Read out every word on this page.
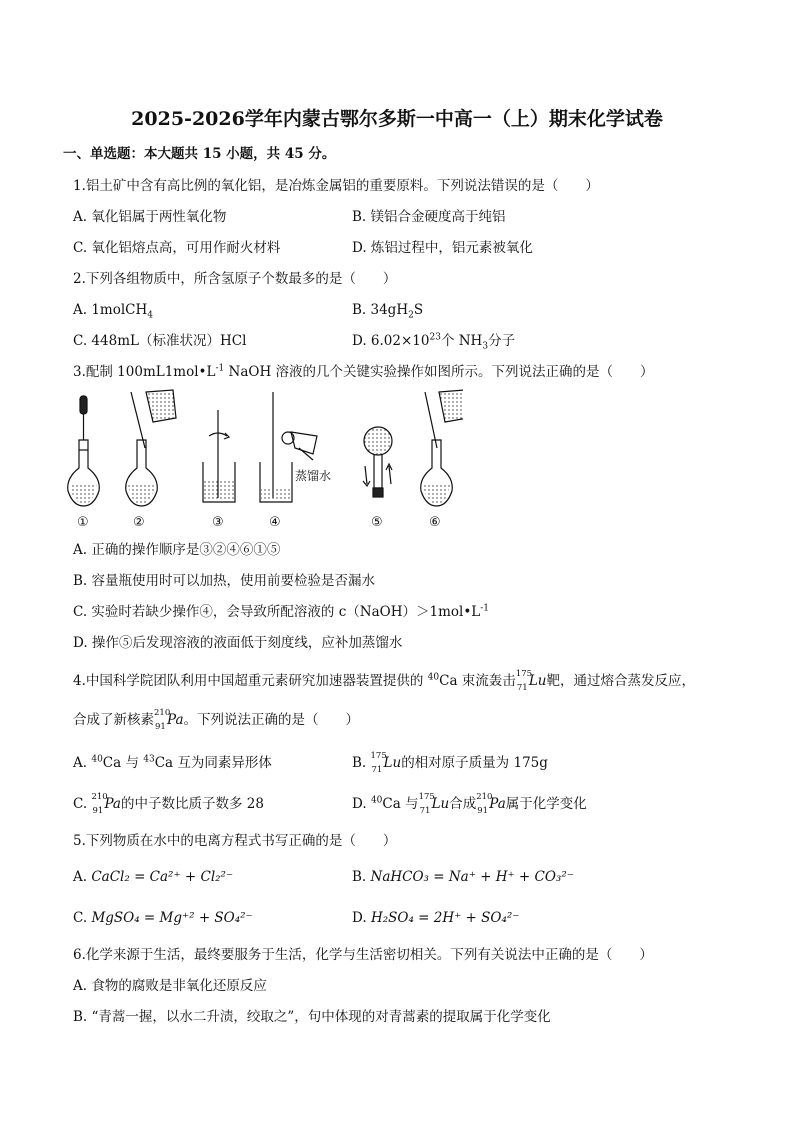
2025-2026学年内蒙古鄂尔多斯一中高一（上）期末化学试卷
一、单选题：本大题共 15 小题，共 45 分。
1.铝土矿中含有高比例的氧化铝，是冶炼金属铝的重要原料。下列说法错误的是（　　）
A. 氧化铝属于两性氧化物	B. 镁铝合金硬度高于纯铝
C. 氧化铝熔点高，可用作耐火材料	D. 炼铝过程中，铝元素被氧化
2.下列各组物质中，所含氢原子个数最多的是（　　）
A. 1molCH$_4$	B. $34gH_2S$
C. 448mL（标准状况）HCl	D. $6.02\times 10^{23}$个 $NH_3$分子
3.配制 $100mL1mol•L^{-1}$ NaOH 溶液的几个关键实验操作如图所示。下列说法正确的是（　　）
蒸馏水
①	②	③	④	⑤	⑥
A. 正确的操作顺序是③②④⑥①⑤
B. 容量瓶使用时可以加热，使用前要检验是否漏水
C. 实验时若缺少操作④，会导致所配溶液的 $c(NaOH)>1mol•L^{-1}$
D. 操作⑤后发现溶液的液面低于刻度线，应补加蒸馏水
4.中国科学院团队利用中国超重元素研究加速器装置提供的 $^{40}$Ca 束流轰击 175
71 Lu靶，通过熔合蒸发反应，
合成了新核素 210
91 Pa。下列说法正确的是（　　）
A. $^{40}$Ca 与 $^{43}$Ca 互为同素异形体	B. 175
71 Lu的相对原子质量为 175g
C. 210
91 Pa的中子数比质子数多 28	D. $^{40}$Ca 与 175
71 Lu合成 210
91 Pa属于化学变化
5.下列物质在水中的电离方程式书写正确的是（　　）
A. CaCl₂ = Ca²⁺ + Cl₂²⁻	B. NaHCO₃ = Na⁺ + H⁺ + CO₃²⁻
C. MgSO₄ = Mg⁺² + SO₄²⁻	D. H₂SO₄ = 2H⁺ + SO₄²⁻
6.化学来源于生活，最终要服务于生活，化学与生活密切相关。下列有关说法中正确的是（　　）
A. 食物的腐败是非氧化还原反应
B. “青蒿一握，以水二升渍，绞取之”，句中体现的对青蒿素的提取属于化学变化
